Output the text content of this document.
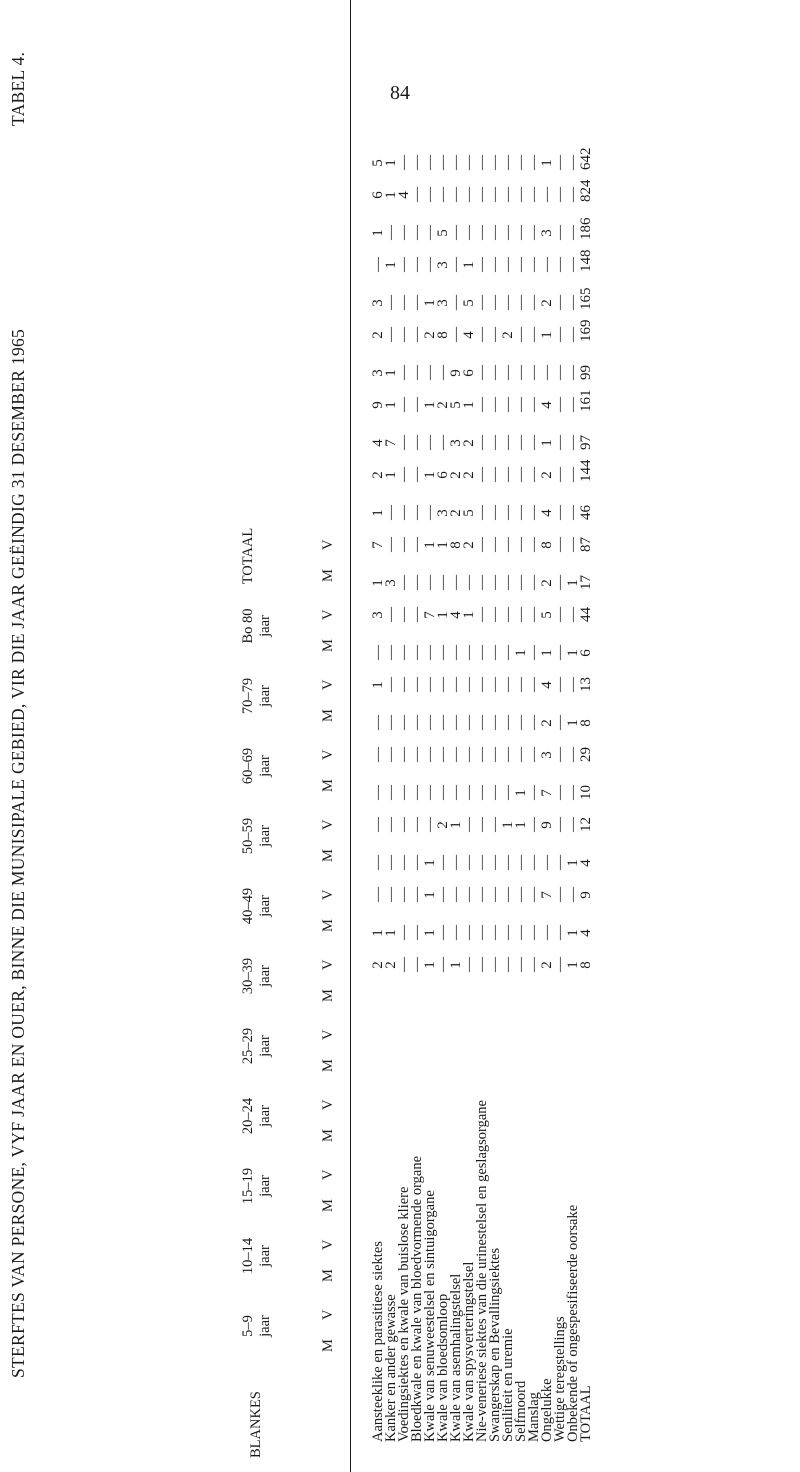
84
TABEL 4.
STERFTES VAN PERSONE, VYF JAAR EN OUER, BINNE DIE MUNISIPALE GEBIED, VIR DIE JAAR GEËINDIG 31 DESEMBER 1965
BLANKES
5–9 jaar
M
V
10–14 jaar
M
V
15–19 jaar
M
V
20–24 jaar
M
V
25–29 jaar
M
V
30–39 jaar
M
V
40–49 jaar
M
V
50–59 jaar
M
V
60–69 jaar
M
V
70–79 jaar
M
V
Bo 80 jaar
M
V
TOTAAL	M
V
Aansteeklike en parasitiese siektes
2
1
—
—
—
—
—
—
1
—
3
1
7
1
2
4
9
3
2
3
—
1
6
5
Kanker en ander gewasse
2
1
—
—
—
—
—
—
—
—
—
3
—
—
1
7
1
1
—
—
1
—
1
1
Voedingsiektes en kwale van buislose kliere
—
—
—
—
—
—
—
—
—
—
—
—
—
—
—
—
—
—
—
—
—
—
4
—
Bloedkwale en kwale van bloedvormende organe
—
—
—
—
—
—
—
—
—
—
—
—
—
—
—
—
—
—
—
—
—
—
—
—
Kwale van senuweestelsel en sintuigorgane
1
1
1
1
—
—
—
—
—
—
7
—
1
—
1
—
1
—
2
1
—
—
—
—
Kwale van bloedsomloop
—
—
—
—
2
—
—
—
—
—
1
—
1
3
6
—
2
—
8
3
3
5
—
—
Kwale van asemhalingstelsel
1
—
—
—
1
—
—
—
—
—
4
—
8
2
2
3
5
9
—
—
—
—
—
—
Kwale van spysverteringstelsel
—
—
—
—
—
—
—
—
—
—
1
—
2
5
2
2
1
6
4
5
1
—
—
—
Nie-veneriese siektes van die urinestelsel en geslagsorgane
—
—
—
—
—
—
—
—
—
—
—
—
—
—
—
—
—
—
—
—
—
—
—
—
Swangerskap en Bevallingsiektes
—
—
—
—
—
—
—
—
—
—
—
—
—
—
—
—
—
—
—
—
—
—
—
—
Seniliteit en uremie
—
—
—
—
1
—
—
—
—
—
—
—
—
—
—
—
—
—
2
—
—
—
—
—
Selfmoord
—
—
—
—
1
1
—
—
—
1
—
—
—
—
—
—
—
—
—
—
—
—
—
—
Manslag
—
—
—
—
—
—
—
—
—
—
—
—
—
—
—
—
—
—
—
—
—
—
—
—
Ongelukke
2
—
7
—
9
7
3
2
4
1
5
2
8
4
2
1
4
—
1
2
—
3
—
1
Wettige teregstellings
—
—
—
—
—
—
—
—
—
—
—
—
—
—
—
—
—
—
—
—
—
—
—
—
Onbekende of ongespesifiseerde oorsake
1
1
—
1
—
—
—
1
—
1
—
1
—
—
—
—
—
—
—
—
—
—
—
—
TOTAAL
8
4
9
4
12
10
29
8
13
6
44
17
87
46
144
97
161
99
169
165
148
186
824
642
